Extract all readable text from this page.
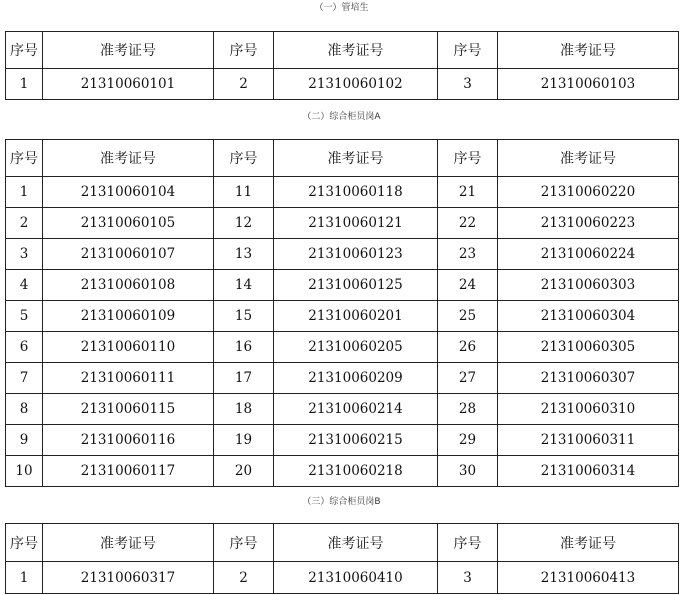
（一）管培生
序号	准考证号	序号	准考证号	序号	准考证号
1	21310060101	2	21310060102	3	21310060103
（二）综合柜员岗A
序号	准考证号	序号	准考证号	序号	准考证号
1	21310060104	11	21310060118	21	21310060220
2	21310060105	12	21310060121	22	21310060223
3	21310060107	13	21310060123	23	21310060224
4	21310060108	14	21310060125	24	21310060303
5	21310060109	15	21310060201	25	21310060304
6	21310060110	16	21310060205	26	21310060305
7	21310060111	17	21310060209	27	21310060307
8	21310060115	18	21310060214	28	21310060310
9	21310060116	19	21310060215	29	21310060311
10	21310060117	20	21310060218	30	21310060314
（三）综合柜员岗B
序号	准考证号	序号	准考证号	序号	准考证号
1	21310060317	2	21310060410	3	21310060413
